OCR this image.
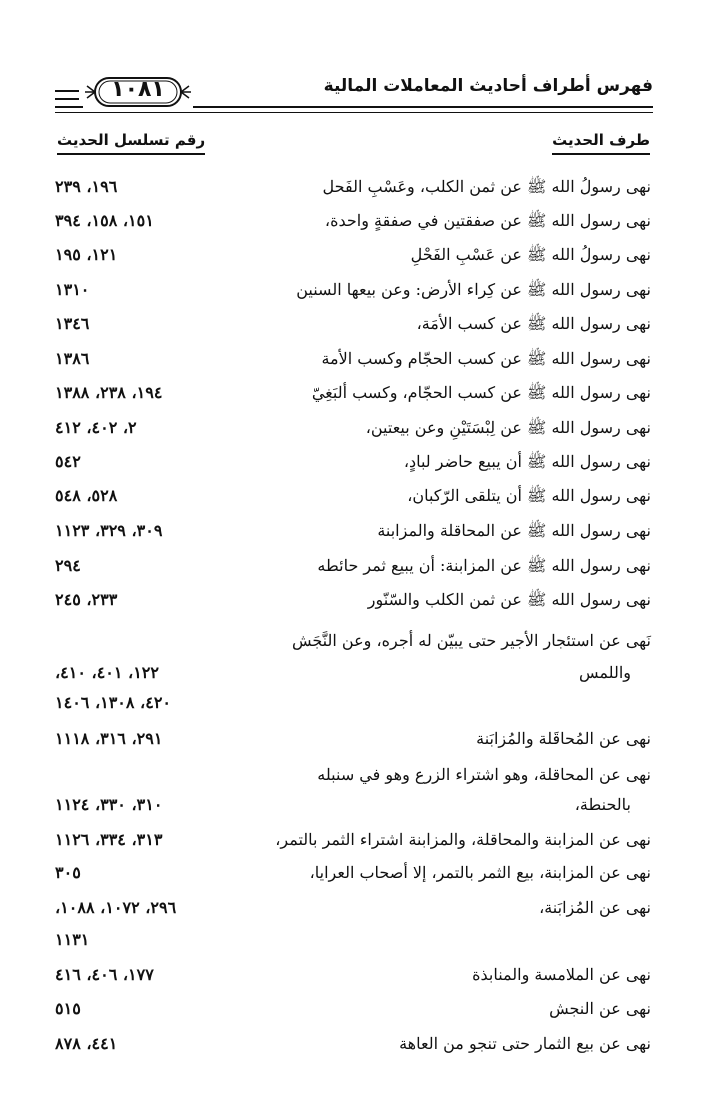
فهرس أطراف أحاديث المعاملات المالية
١٠٨١
طرف الحديث
رقم تسلسل الحديث
نهى رسولُ الله ﷺ عن ثمن الكلب، وعَسْبِ الفَحل
١٩٦، ٢٣٩
نهى رسول الله ﷺ عن صفقتين في صفقةٍ واحدة،
١٥١، ١٥٨، ٣٩٤
نهى رسولُ الله ﷺ عن عَسْبِ الفَحْلِ
١٢١، ١٩٥
نهى رسول الله ﷺ عن كِراء الأرض: وعن بيعها السنين
١٣١٠
نهى رسول الله ﷺ عن كسب الأمَة،
١٣٤٦
نهى رسول الله ﷺ عن كسب الحجّام وكسب الأمة
١٣٨٦
نهى رسول الله ﷺ عن كسب الحجّام، وكسب ألبَغِيّ
١٩٤، ٢٣٨، ١٣٨٨
نهى رسول الله ﷺ عن لِبْسَتَيْنِ وعن بيعتين،
٢، ٤٠٢، ٤١٢
نهى رسول الله ﷺ أن يبيع حاضر لبادٍ،
٥٤٢
نهى رسول الله ﷺ أن يتلقى الرّكبان،
٥٢٨، ٥٤٨
نهى رسول الله ﷺ عن المحاقلة والمزابنة
٣٠٩، ٣٢٩، ١١٢٣
نهى رسول الله ﷺ عن المزابنة: أن يبيع ثمر حائطه
٢٩٤
نهى رسول الله ﷺ عن ثمن الكلب والسّنّور
٢٣٣، ٢٤٥
نَهى عن استئجار الأجير حتى يبيّن له أجره، وعن النَّجَش
واللمس
١٢٢، ٤٠١، ٤١٠،
٤٢٠، ١٣٠٨، ١٤٠٦
نهى عن المُحاقَلة والمُزابَنة
٢٩١، ٣١٦، ١١١٨
نهى عن المحاقلة، وهو اشتراء الزرع وهو في سنبله
بالحنطة،
٣١٠، ٣٣٠، ١١٢٤
نهى عن المزابنة والمحاقلة، والمزابنة اشتراء الثمر بالتمر،
٣١٣، ٣٣٤، ١١٢٦
نهى عن المزابنة، بيع الثمر بالتمر، إلا أصحاب العرايا،
٣٠٥
نهى عن المُزابَنة،
٢٩٦، ١٠٧٢، ١٠٨٨،
١١٣١
نهى عن الملامسة والمنابذة
١٧٧، ٤٠٦، ٤١٦
نهى عن النجش
٥١٥
نهى عن بيع الثمار حتى تنجو من العاهة
٤٤١، ٨٧٨
